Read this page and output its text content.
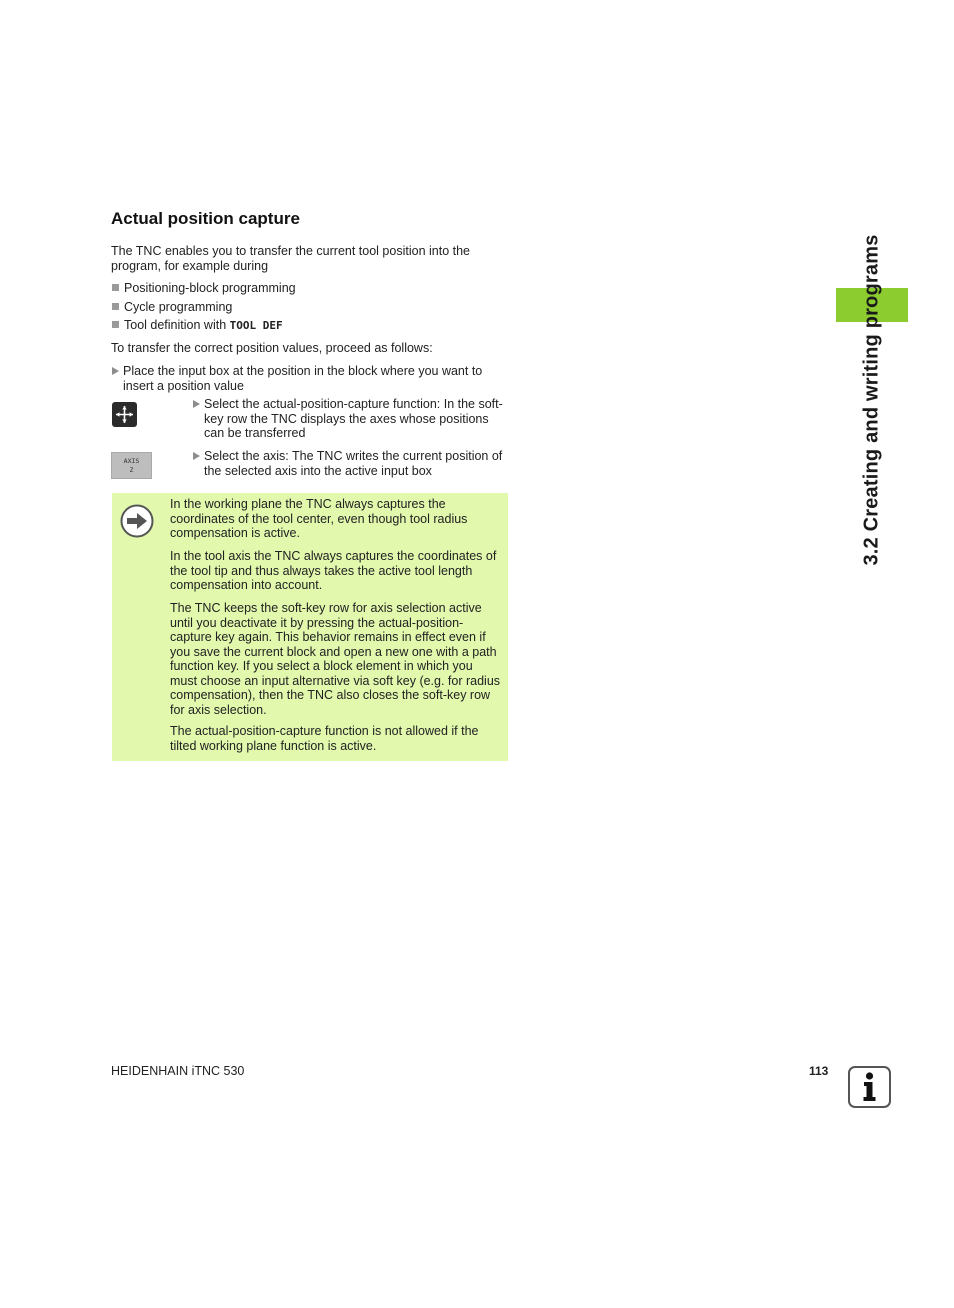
Actual position capture
The TNC enables you to transfer the current tool position into the program, for example during
Positioning-block programming
Cycle programming
Tool definition with TOOL DEF
To transfer the correct position values, proceed as follows:
Place the input box at the position in the block where you want to insert a position value
Select the actual-position-capture function: In the soft-key row the TNC displays the axes whose positions can be transferred
AXIS
Z
Select the axis: The TNC writes the current position of the selected axis into the active input box
In the working plane the TNC always captures the coordinates of the tool center, even though tool radius compensation is active.
In the tool axis the TNC always captures the coordinates of the tool tip and thus always takes the active tool length compensation into account.
The TNC keeps the soft-key row for axis selection active until you deactivate it by pressing the actual-position-capture key again. This behavior remains in effect even if you save the current block and open a new one with a path function key. If you select a block element in which you must choose an input alternative via soft key (e.g. for radius compensation), then the TNC also closes the soft-key row for axis selection.
The actual-position-capture function is not allowed if the tilted working plane function is active.
3.2 Creating and writing programs
HEIDENHAIN iTNC 530	113
